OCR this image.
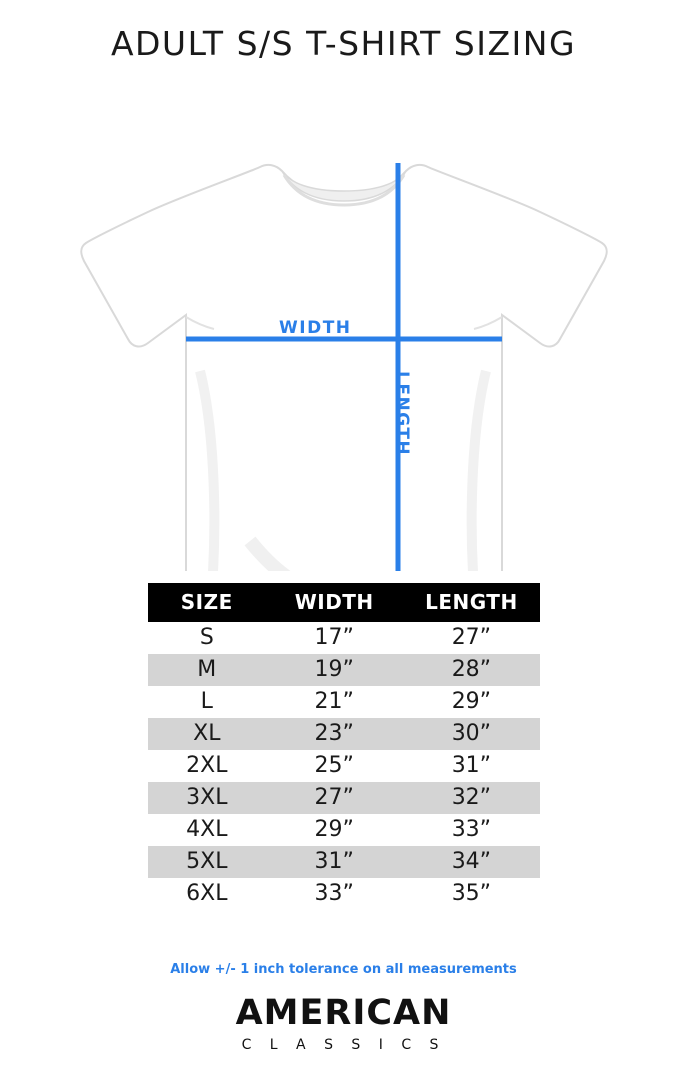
ADULT S/S T-SHIRT SIZING
WIDTH
LENGTH
SIZE	WIDTH	LENGTH
S	17”	27”
M	19”	28”
L	21”	29”
XL	23”	30”
2XL	25”	31”
3XL	27”	32”
4XL	29”	33”
5XL	31”	34”
6XL	33”	35”
Allow +/- 1 inch tolerance on all measurements
AMERICAN
C L A S S I C S
